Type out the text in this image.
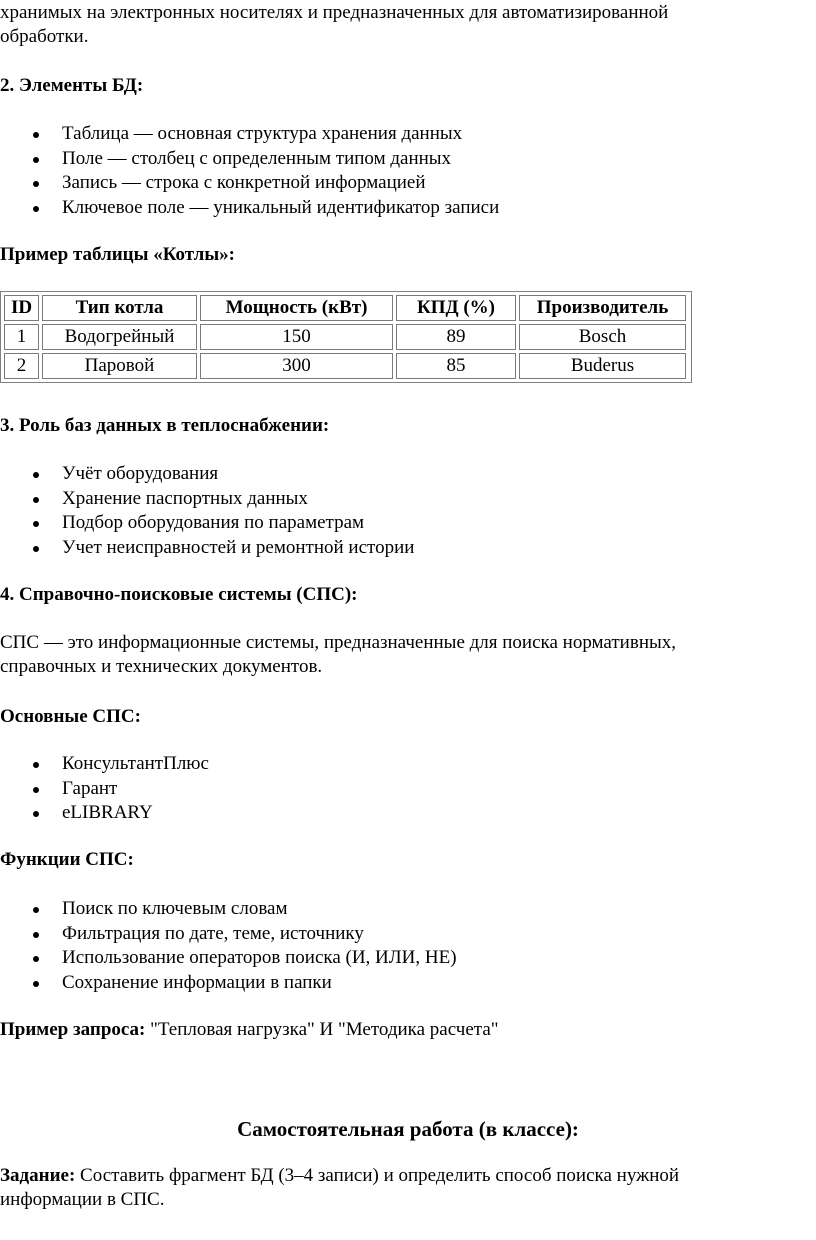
хранимых на электронных носителях и предназначенных для автоматизированной
обработки.

2. Элементы БД:

Таблица — основная структура хранения данных
Поле — столбец с определенным типом данных
Запись — строка с конкретной информацией
Ключевое поле — уникальный идентификатор записи

Пример таблицы «Котлы»:

ID	Тип котла	Мощность (кВт)	КПД (%)	Производитель
1	Водогрейный	150	89	Bosch
2	Паровой	300	85	Buderus

3. Роль баз данных в теплоснабжении:

Учёт оборудования
Хранение паспортных данных
Подбор оборудования по параметрам
Учет неисправностей и ремонтной истории

4. Справочно-поисковые системы (СПС):

СПС — это информационные системы, предназначенные для поиска нормативных,
справочных и технических документов.

Основные СПС:

КонсультантПлюс
Гарант
eLIBRARY

Функции СПС:

Поиск по ключевым словам
Фильтрация по дате, теме, источнику
Использование операторов поиска (И, ИЛИ, НЕ)
Сохранение информации в папки

Пример запроса: "Тепловая нагрузка" И "Методика расчета"

Самостоятельная работа (в классе):

Задание: Составить фрагмент БД (3–4 записи) и определить способ поиска нужной
информации в СПС.
